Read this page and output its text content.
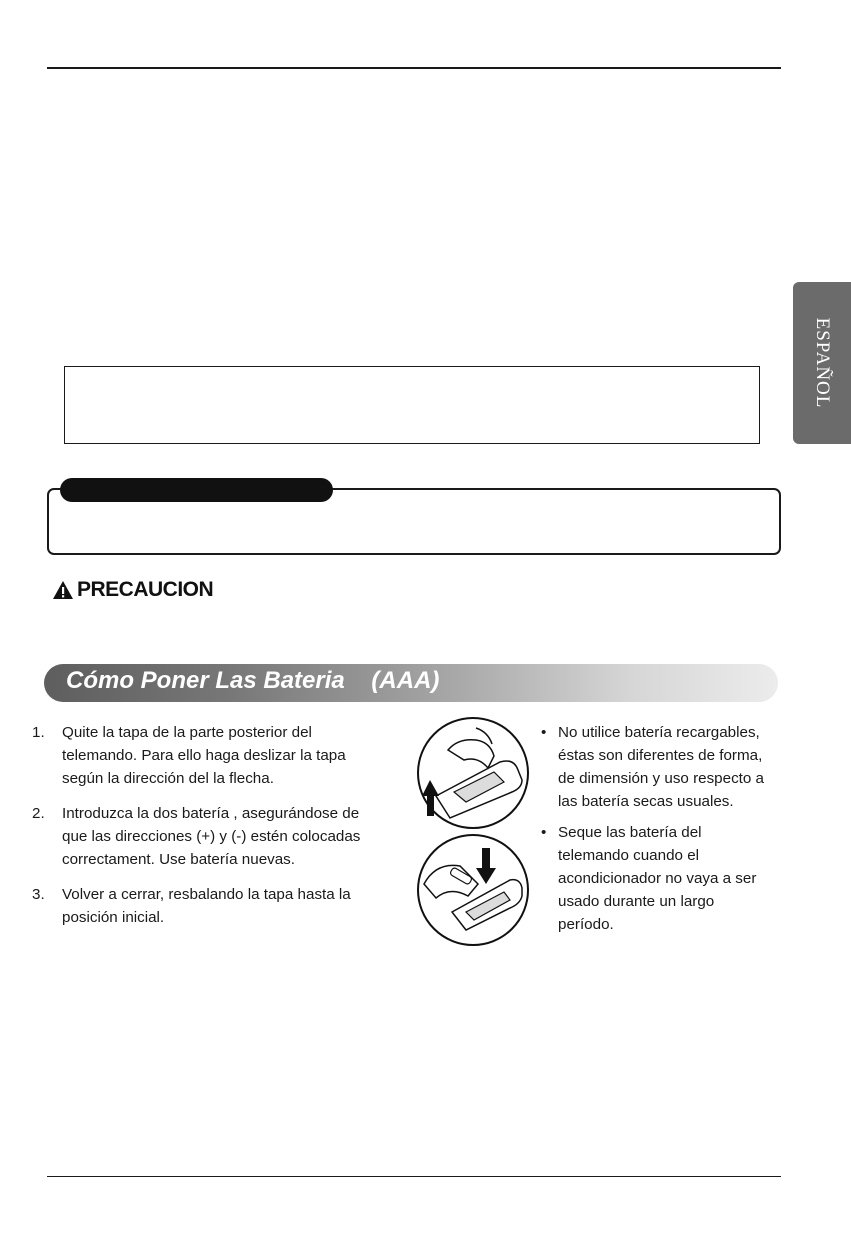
ESPAÑOL
PRECAUCION
Cómo Poner Las Bateria    (AAA)
1. Quite la tapa de la parte posterior del
telemando. Para ello haga deslizar la tapa
según la dirección del la flecha.
2. Introduzca la dos batería , asegurándose de
que las direcciones (+) y (-) estén colocadas
correctament. Use batería nuevas.
3. Volver a cerrar, resbalando la tapa hasta la
posición inicial.
• No utilice batería recargables,
éstas son diferentes de forma,
de dimensión y uso respecto a
las batería secas usuales.
• Seque las batería del
telemando cuando el
acondicionador no vaya a ser
usado durante un largo
período.
